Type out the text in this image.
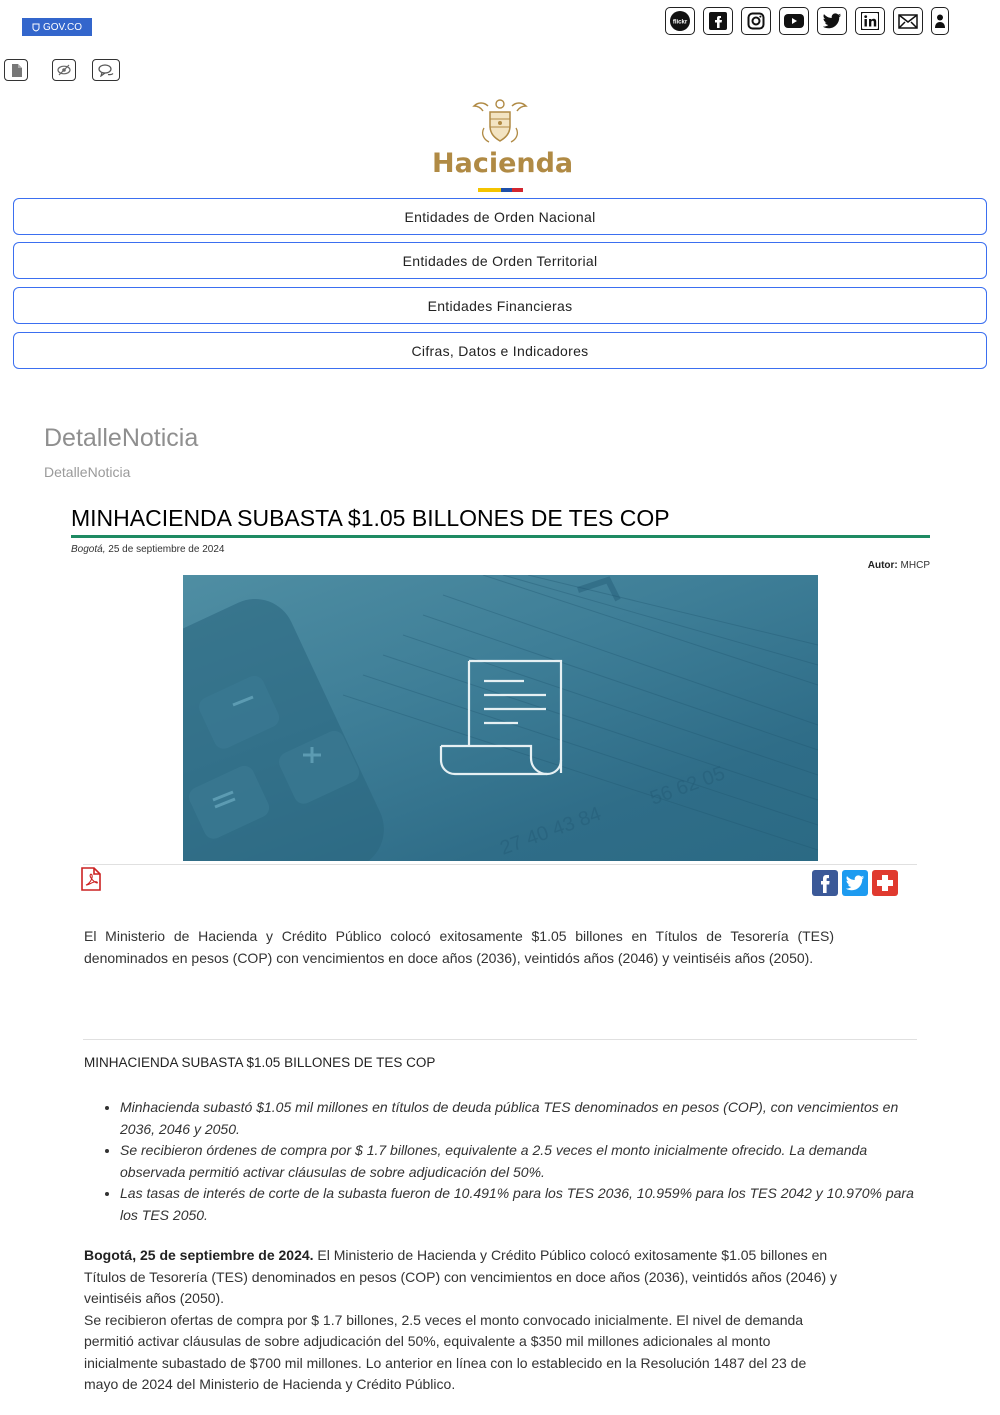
GOV.CO	flickr
Hacienda
Entidades de Orden Nacional
Entidades de Orden Territorial
Entidades Financieras
Cifras, Datos e Indicadores
DetalleNoticia
DetalleNoticia
MINHACIENDA SUBASTA $1.05 BILLONES DE TES COP
Bogotá, 25 de septiembre de 2024
Autor: MHCP
27 40 43 84
56 62 05
El Ministerio de Hacienda y Crédito Público colocó exitosamente $1.05 billones en Títulos de Tesorería (TES) denominados en pesos (COP) con vencimientos en doce años (2036), veintidós años (2046) y veintiséis años (2050).
MINHACIENDA SUBASTA $1.05 BILLONES DE TES COP
• Minhacienda subastó $1.05 mil millones en títulos de deuda pública TES denominados en pesos (COP), con vencimientos en 2036, 2046 y 2050.
• Se recibieron órdenes de compra por $ 1.7 billones, equivalente a 2.5 veces el monto inicialmente ofrecido. La demanda observada permitió activar cláusulas de sobre adjudicación del 50%.
• Las tasas de interés de corte de la subasta fueron de 10.491% para los TES 2036, 10.959% para los TES 2042 y 10.970% para los TES 2050.

Bogotá, 25 de septiembre de 2024. El Ministerio de Hacienda y Crédito Público colocó exitosamente $1.05 billones en Títulos de Tesorería (TES) denominados en pesos (COP) con vencimientos en doce años (2036), veintidós años (2046) y veintiséis años (2050).

Se recibieron ofertas de compra por $ 1.7 billones, 2.5 veces el monto convocado inicialmente. El nivel de demanda permitió activar cláusulas de sobre adjudicación del 50%, equivalente a $350 mil millones adicionales al monto inicialmente subastado de $700 mil millones. Lo anterior en línea con lo establecido en la Resolución 1487 del 23 de mayo de 2024 del Ministerio de Hacienda y Crédito Público.
